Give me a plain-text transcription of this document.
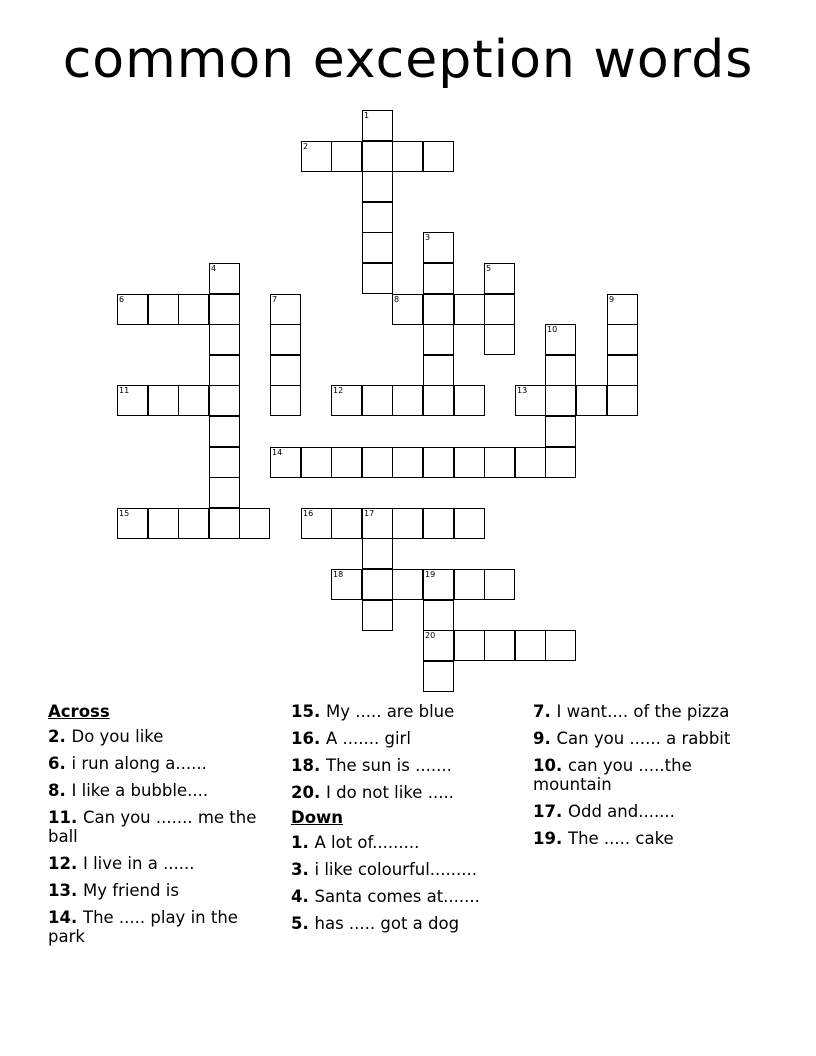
common exception words
1
2
3
4	5
6	7	8	9
10
11	12	13
14
15	16	17
18	19
20
Across
2. Do you like
6. i run along a......
8. I like a bubble....
11. Can you ....... me the ball
12. I live in a ......
13. My friend is
14. The ..... play in the park
15. My ..... are blue
16. A ....... girl
18. The sun is .......
20. I do not like .....
Down
1. A lot of.........
3. i like colourful.........
4. Santa comes at.......
5. has ..... got a dog
7. I want.... of the pizza
9. Can you ...... a rabbit
10. can you .....the mountain
17. Odd and.......
19. The ..... cake
